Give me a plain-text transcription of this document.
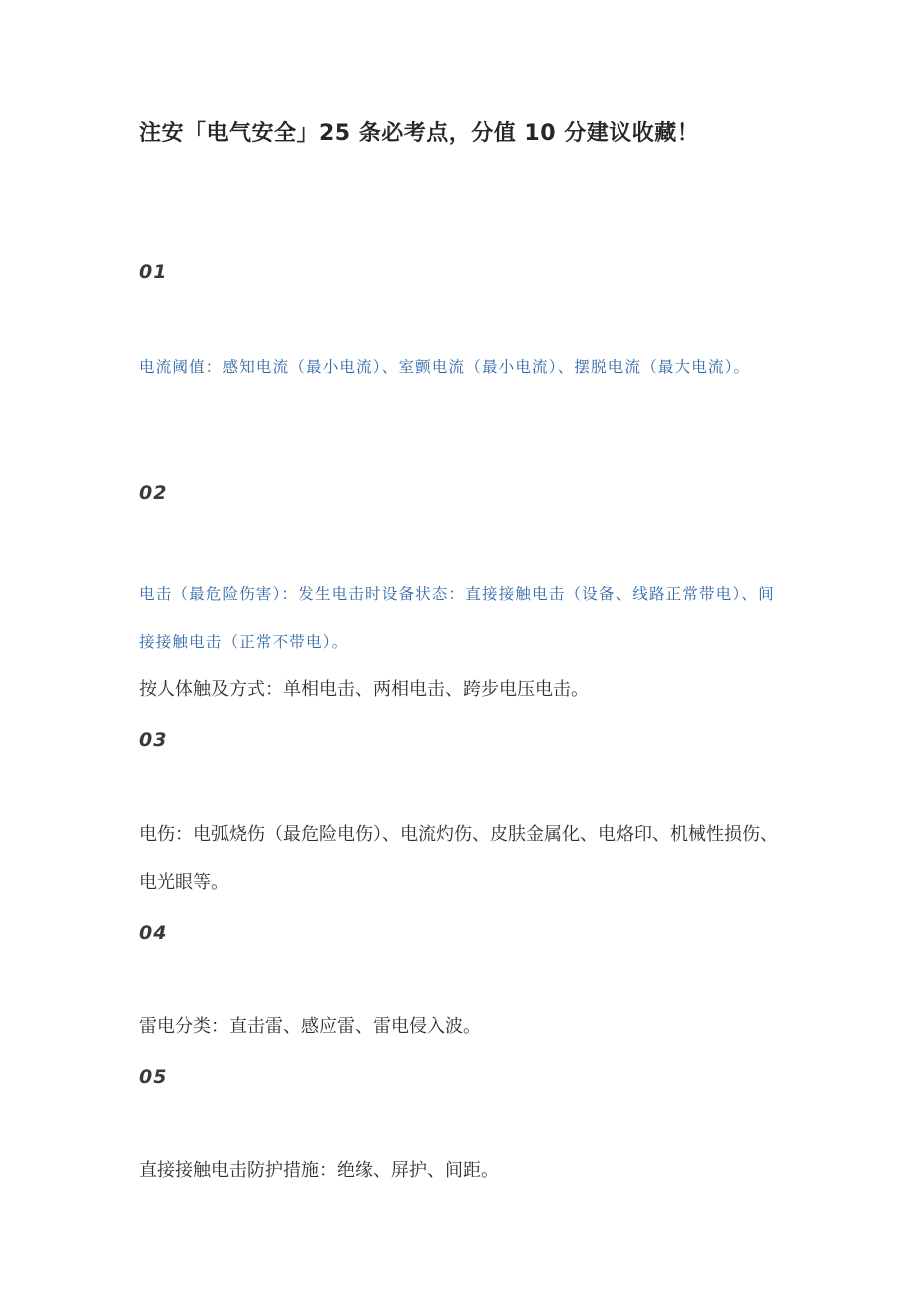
注安「电气安全」25 条必考点，分值 10 分建议收藏！
01
电流阈值：感知电流（最小电流）、室颤电流（最小电流）、摆脱电流（最大电流）。
02
电击（最危险伤害）：发生电击时设备状态：直接接触电击（设备、线路正常带电）、间接接触电击（正常不带电）。
按人体触及方式：单相电击、两相电击、跨步电压电击。
03
电伤：电弧烧伤（最危险电伤）、电流灼伤、皮肤金属化、电烙印、机械性损伤、电光眼等。
04
雷电分类：直击雷、感应雷、雷电侵入波。
05
直接接触电击防护措施：绝缘、屏护、间距。
